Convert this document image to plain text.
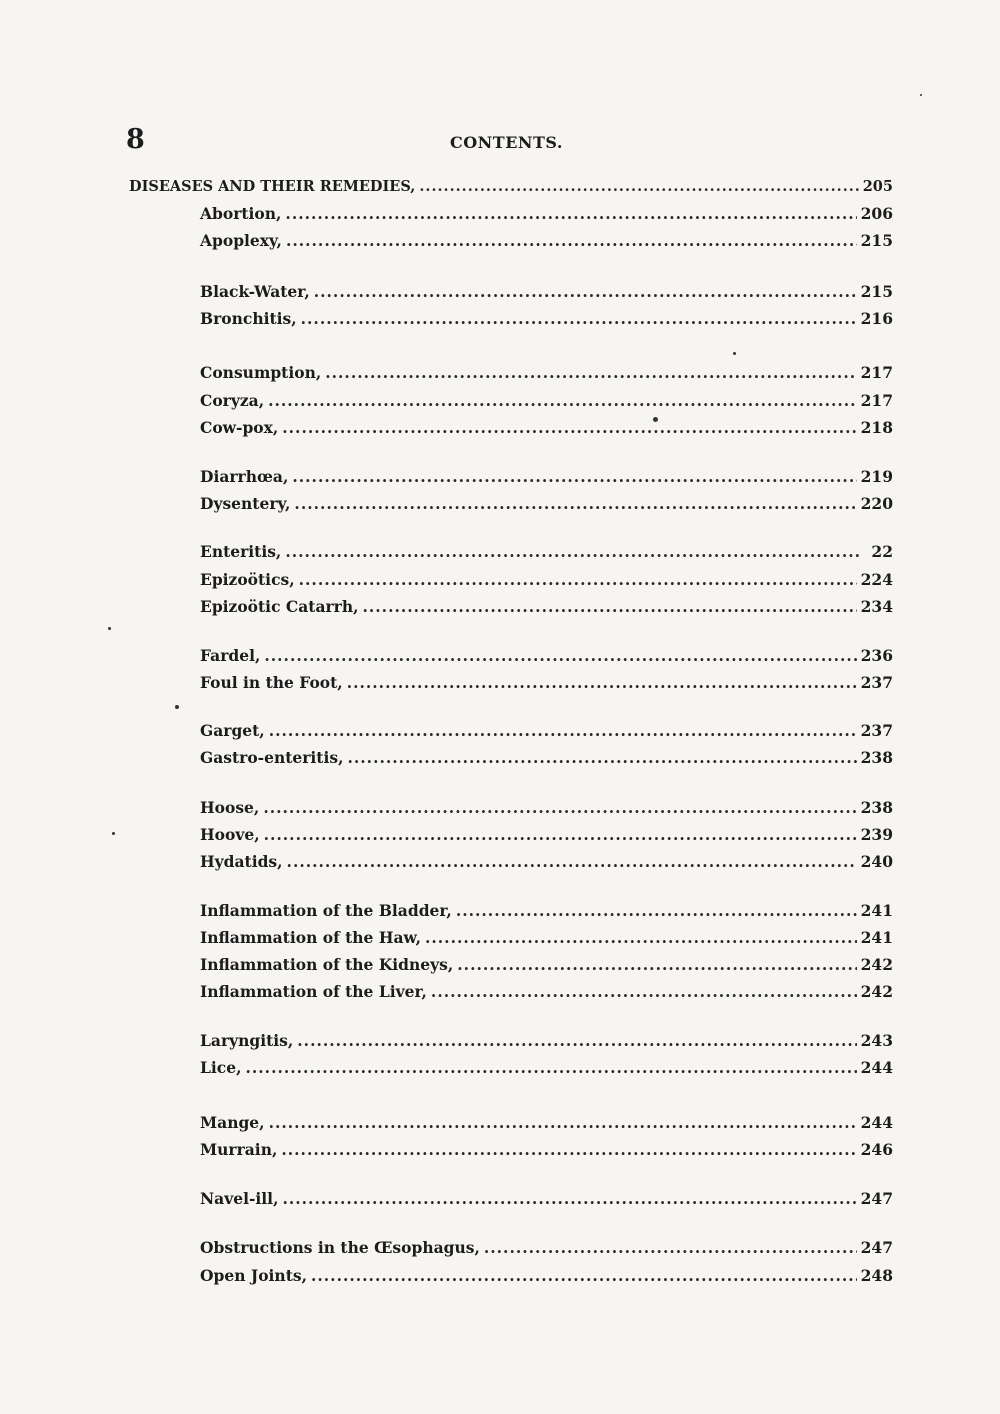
8	CONTENTS.
DISEASES AND THEIR REMEDIES, .....	205
Abortion, .....	206
Apoplexy, .....	215
Black-Water, .....	215
Bronchitis, .....	216
Consumption, .....	217
Coryza, .....	217
Cow-pox, .....	218
Diarrhœa, .....	219
Dysentery, .....	220
Enteritis, .....	22
Epizoötics, .....	224
Epizoötic Catarrh, .....	234
Fardel, .....	236
Foul in the Foot, .....	237
Garget, .....	237
Gastro-enteritis, .....	238
Hoose, .....	238
Hoove, .....	239
Hydatids, .....	240
Inflammation of the Bladder, .....	241
Inflammation of the Haw, .....	241
Inflammation of the Kidneys, .....	242
Inflammation of the Liver, .....	242
Laryngitis, .....	243
Lice, .....	244
Mange, .....	244
Murrain, .....	246
Navel-ill, .....	247
Obstructions in the Œsophagus, .....	247
Open Joints, .....	248
